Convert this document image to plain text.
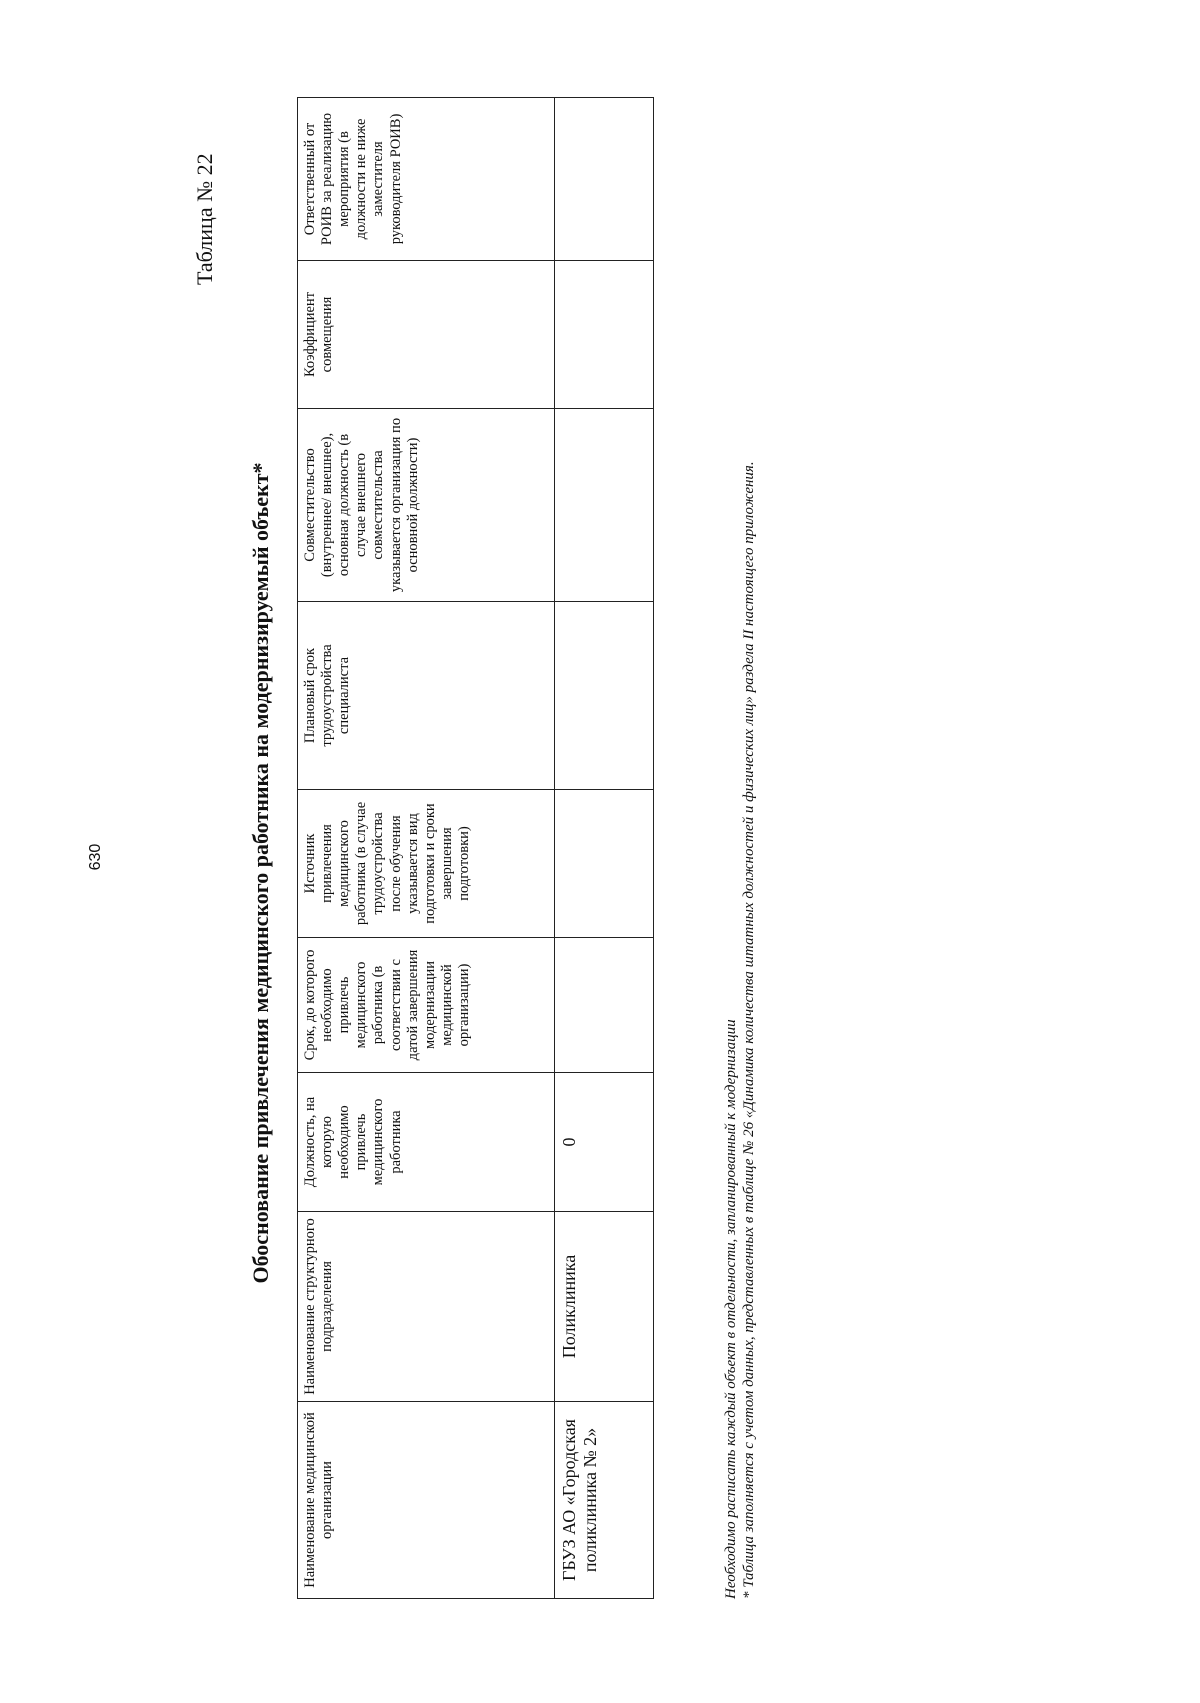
630
Таблица № 22
Обоснование привлечения медицинского работника на модернизируемый объект*
Наименование медицинской организации	Наименование структурного подразделения	Должность, на которую необходимо привлечь медицинского работника	Срок, до которого необходимо привлечь медицинского работника (в соответствии с датой завершения модернизации медицинской организации)	Источник привлечения медицинского работника (в случае трудоустройства после обучения указывается вид подготовки и сроки завершения подготовки)	Плановый срок трудоустройства специалиста	Совместительство (внутреннее/ внешнее), основная должность (в случае внешнего совместительства указывается организация по основной должности)	Коэффициент совмещения	Ответственный от РОИВ за реализацию мероприятия (в должности не ниже заместителя руководителя РОИВ)
ГБУЗ АО «Городская поликлиника № 2»	Поликлиника	0							Необходимо расписать каждый объект в отдельности, запланированный к модернизации * Таблица заполняется с учетом данных, представленных в таблице № 26 «Динамика количества штатных должностей и физических лиц» раздела II настоящего приложения.
